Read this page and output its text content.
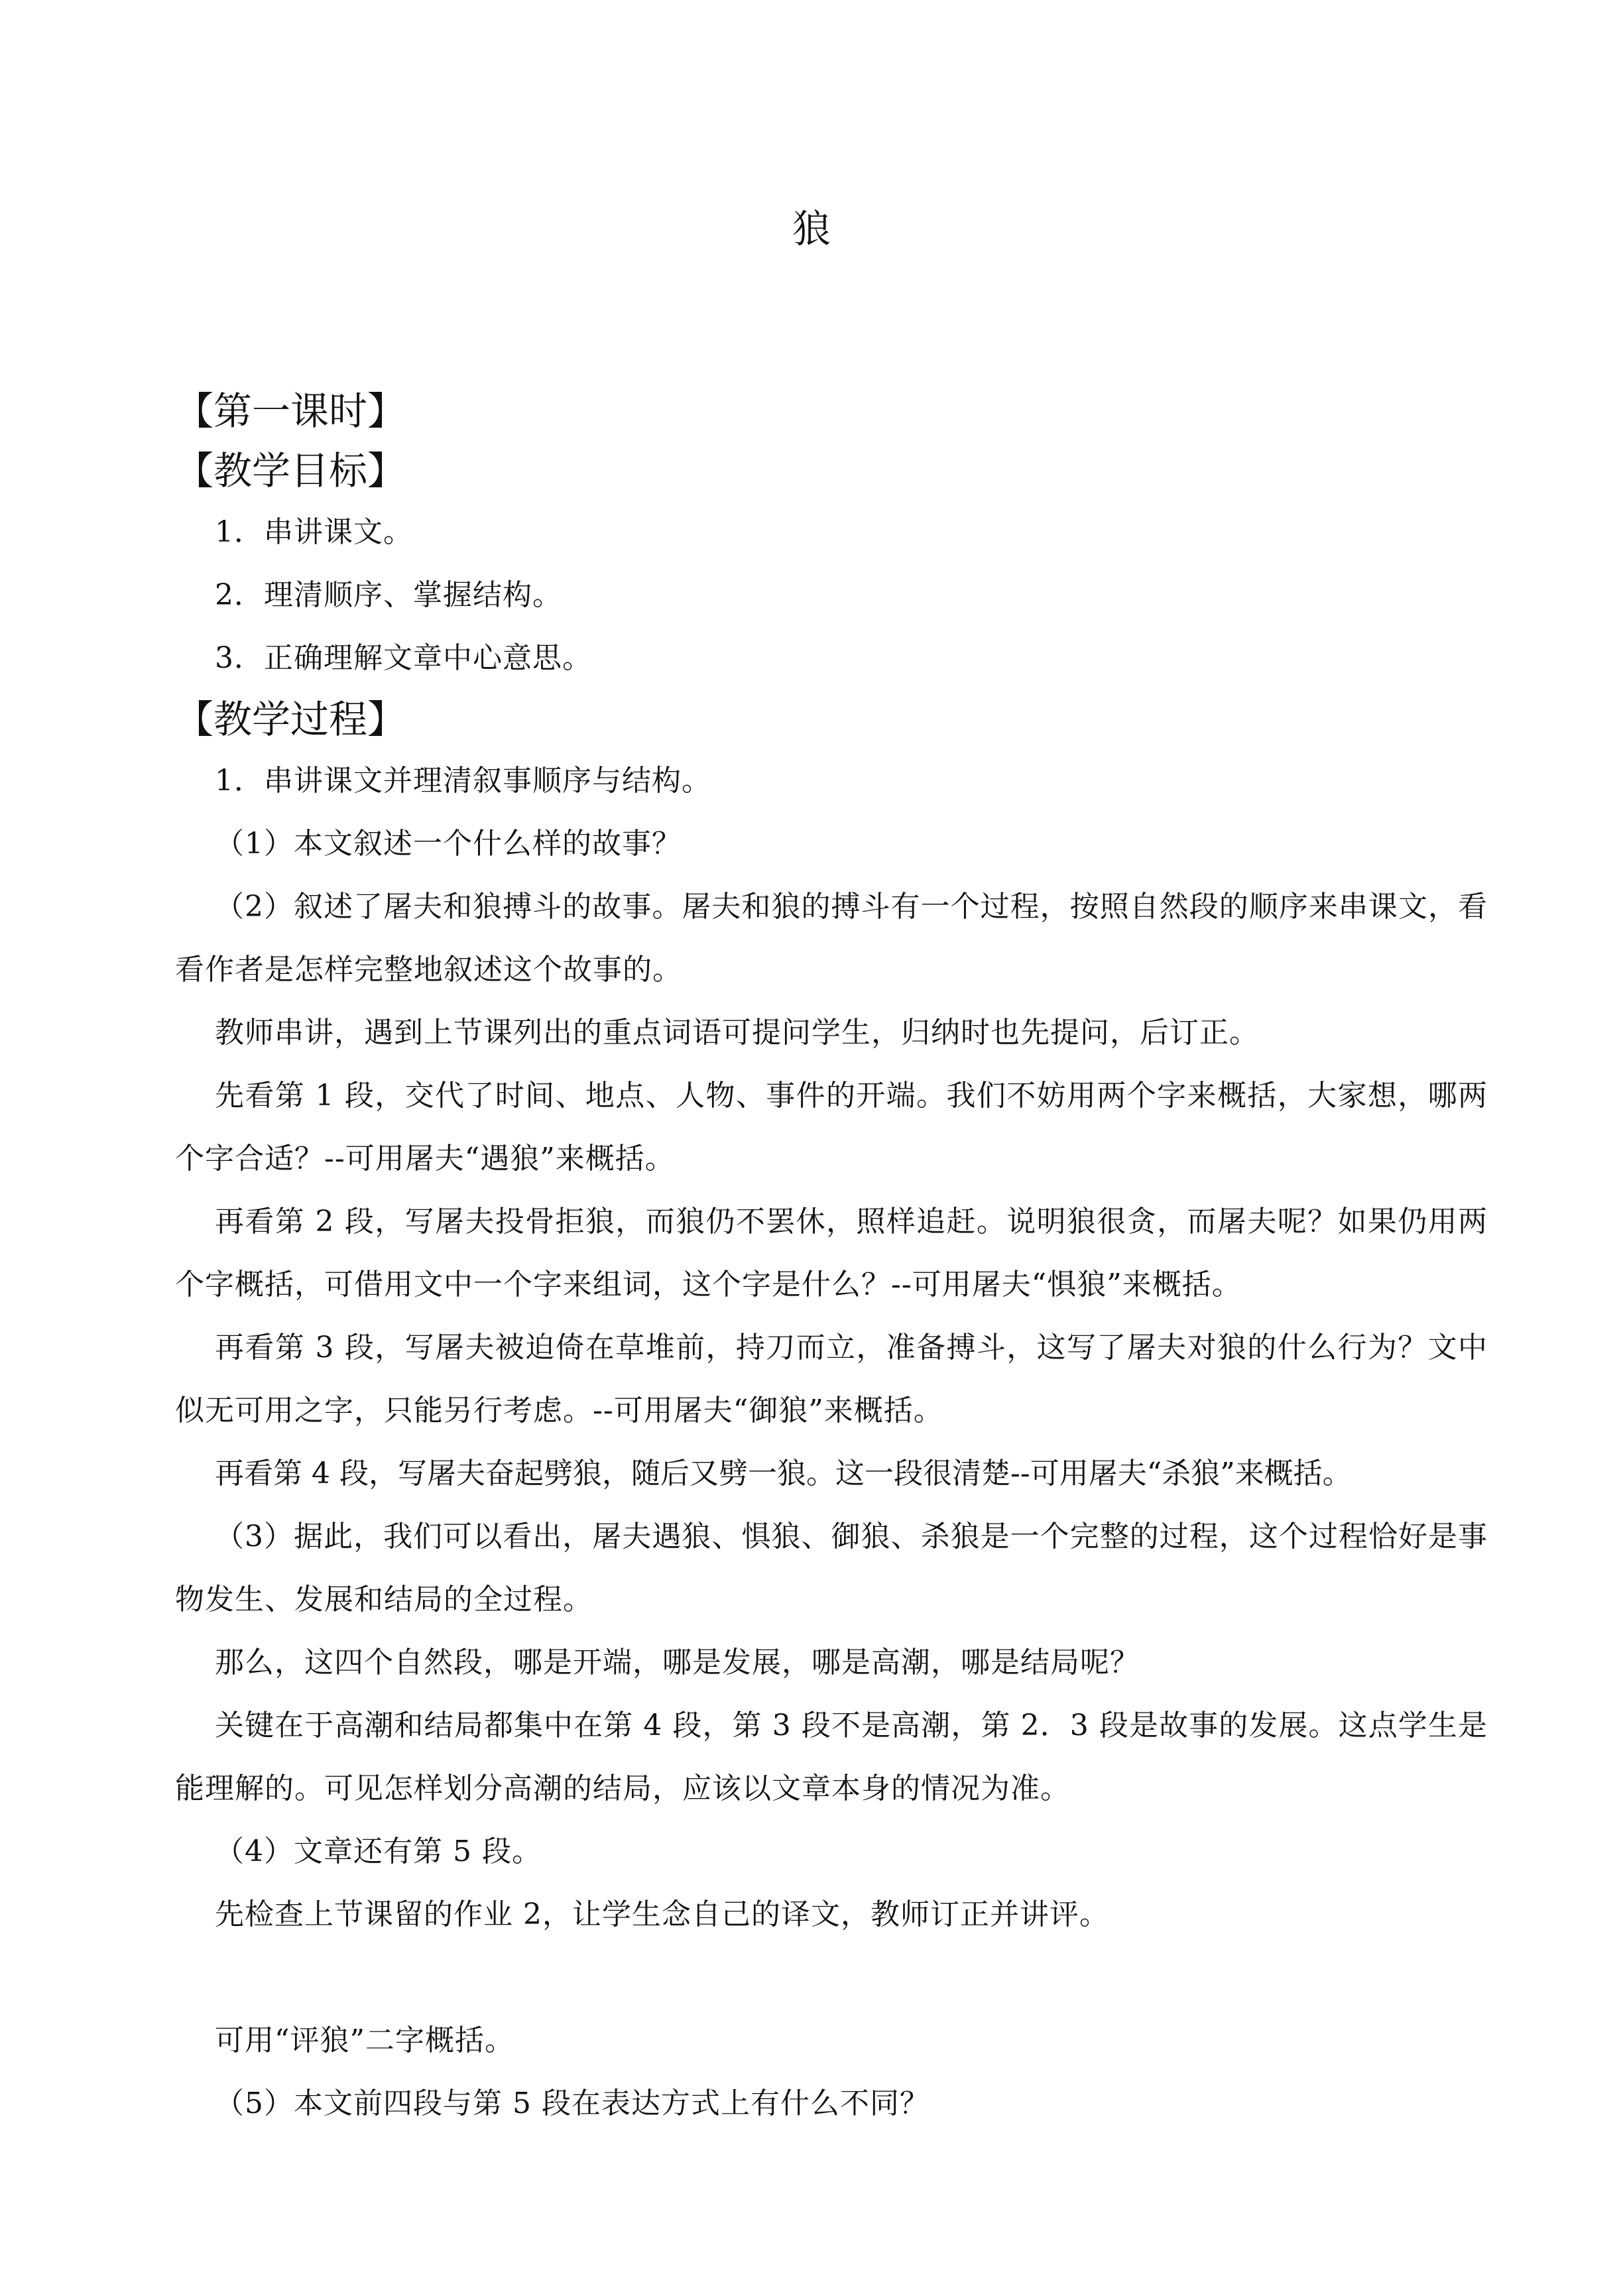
狼
【第一课时】
【教学目标】
1．串讲课文。
2．理清顺序、掌握结构。
3．正确理解文章中心意思。
【教学过程】
1．串讲课文并理清叙事顺序与结构。
（1）本文叙述一个什么样的故事？
（2）叙述了屠夫和狼搏斗的故事。屠夫和狼的搏斗有一个过程，按照自然段的顺序来串课文，看看作者是怎样完整地叙述这个故事的。
教师串讲，遇到上节课列出的重点词语可提问学生，归纳时也先提问，后订正。
先看第 1 段，交代了时间、地点、人物、事件的开端。我们不妨用两个字来概括，大家想，哪两个字合适？--可用屠夫“遇狼”来概括。
再看第 2 段，写屠夫投骨拒狼，而狼仍不罢休，照样追赶。说明狼很贪，而屠夫呢？如果仍用两个字概括，可借用文中一个字来组词，这个字是什么？--可用屠夫“惧狼”来概括。
再看第 3 段，写屠夫被迫倚在草堆前，持刀而立，准备搏斗，这写了屠夫对狼的什么行为？文中似无可用之字，只能另行考虑。--可用屠夫“御狼”来概括。
再看第 4 段，写屠夫奋起劈狼，随后又劈一狼。这一段很清楚--可用屠夫“杀狼”来概括。
（3）据此，我们可以看出，屠夫遇狼、惧狼、御狼、杀狼是一个完整的过程，这个过程恰好是事物发生、发展和结局的全过程。
那么，这四个自然段，哪是开端，哪是发展，哪是高潮，哪是结局呢？
关键在于高潮和结局都集中在第 4 段，第 3 段不是高潮，第 2．3 段是故事的发展。这点学生是能理解的。可见怎样划分高潮的结局，应该以文章本身的情况为准。
（4）文章还有第 5 段。
先检查上节课留的作业 2，让学生念自己的译文，教师订正并讲评。
可用“评狼”二字概括。
（5）本文前四段与第 5 段在表达方式上有什么不同？
